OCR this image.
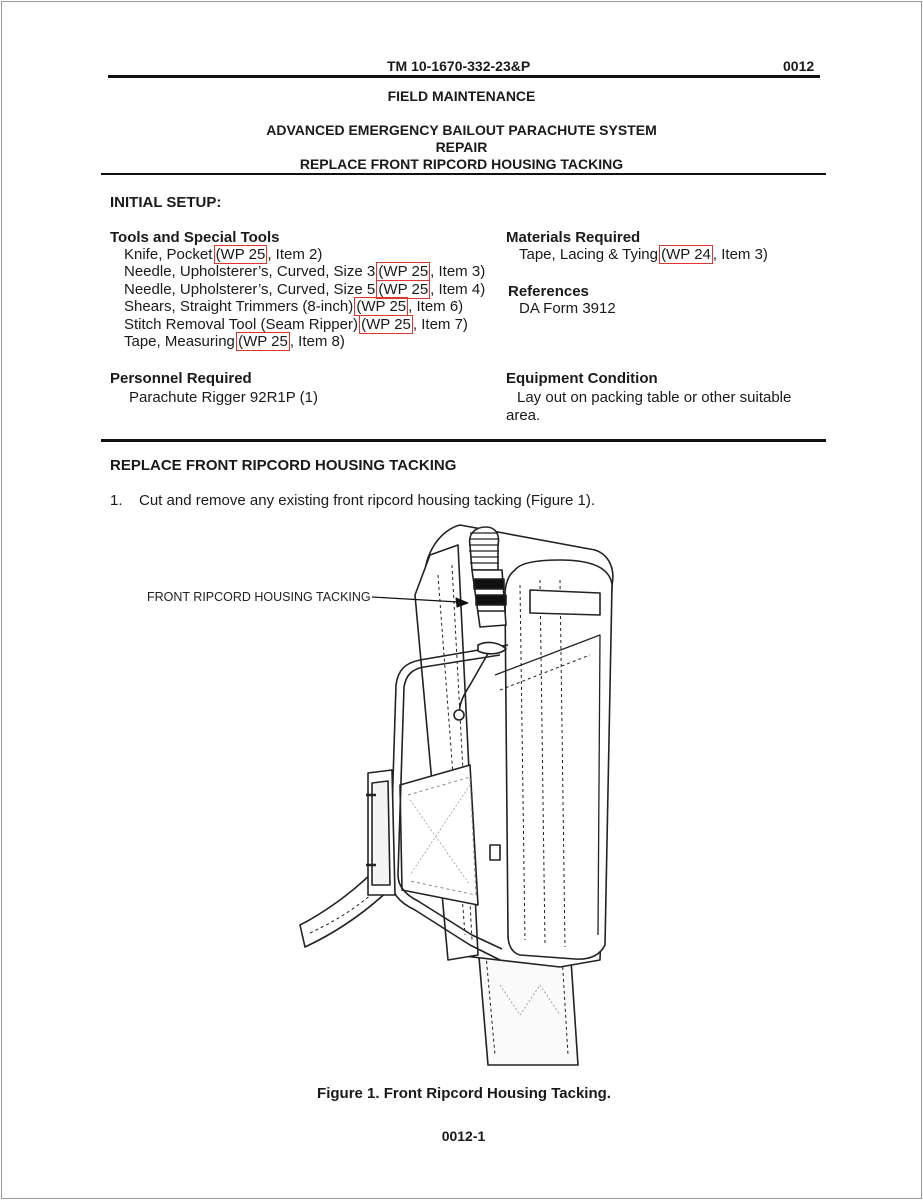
TM 10-1670-332-23&P	0012
FIELD MAINTENANCE
ADVANCED EMERGENCY BAILOUT PARACHUTE SYSTEM
REPAIR
REPLACE FRONT RIPCORD HOUSING TACKING
INITIAL SETUP:
Tools and Special Tools
Knife, Pocket (WP 25 , Item 2)
Needle, Upholsterer’s, Curved, Size 3 (WP 25 , Item 3)
Needle, Upholsterer’s, Curved, Size 5 (WP 25 , Item 4)
Shears, Straight Trimmers (8-inch) (WP 25 , Item 6)
Stitch Removal Tool (Seam Ripper) (WP 25 , Item 7)
Tape, Measuring (WP 25 , Item 8)
Materials Required
Tape, Lacing & Tying (WP 24 , Item 3)
References
DA Form 3912
Personnel Required
Parachute Rigger 92R1P (1)
Equipment Condition
Lay out on packing table or other suitable
area.
REPLACE FRONT RIPCORD HOUSING TACKING
1. Cut and remove any existing front ripcord housing tacking (Figure 1).
FRONT RIPCORD HOUSING TACKING
Figure 1. Front Ripcord Housing Tacking.
0012-1
